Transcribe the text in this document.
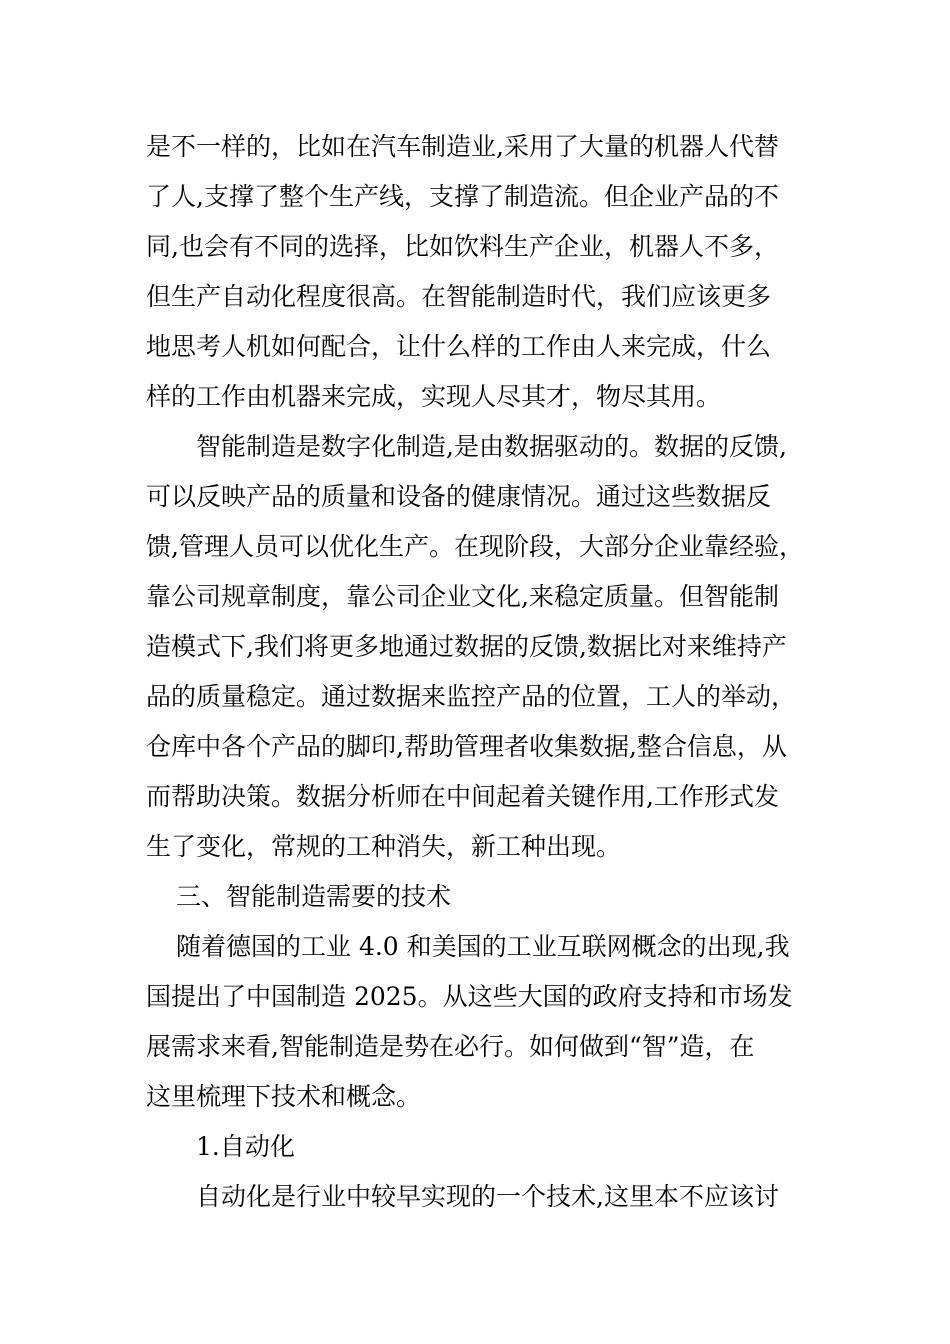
是不一样的，比如在汽车制造业,采用了大量的机器人代替
了人,支撑了整个生产线，支撑了制造流。但企业产品的不
同,也会有不同的选择，比如饮料生产企业，机器人不多，
但生产自动化程度很高。在智能制造时代，我们应该更多
地思考人机如何配合，让什么样的工作由人来完成，什么
样的工作由机器来完成，实现人尽其才，物尽其用。
智能制造是数字化制造,是由数据驱动的。数据的反馈,
可以反映产品的质量和设备的健康情况。通过这些数据反
馈,管理人员可以优化生产。在现阶段，大部分企业靠经验，
靠公司规章制度，靠公司企业文化,来稳定质量。但智能制
造模式下,我们将更多地通过数据的反馈,数据比对来维持产
品的质量稳定。通过数据来监控产品的位置，工人的举动，
仓库中各个产品的脚印,帮助管理者收集数据,整合信息，从
而帮助决策。数据分析师在中间起着关键作用,工作形式发
生了变化，常规的工种消失，新工种出现。
三、智能制造需要的技术
随着德国的工业 4.0 和美国的工业互联网概念的出现,我
国提出了中国制造 2025。从这些大国的政府支持和市场发
展需求来看,智能制造是势在必行。如何做到“智”造，在
这里梳理下技术和概念。
1.自动化
自动化是行业中较早实现的一个技术,这里本不应该讨
